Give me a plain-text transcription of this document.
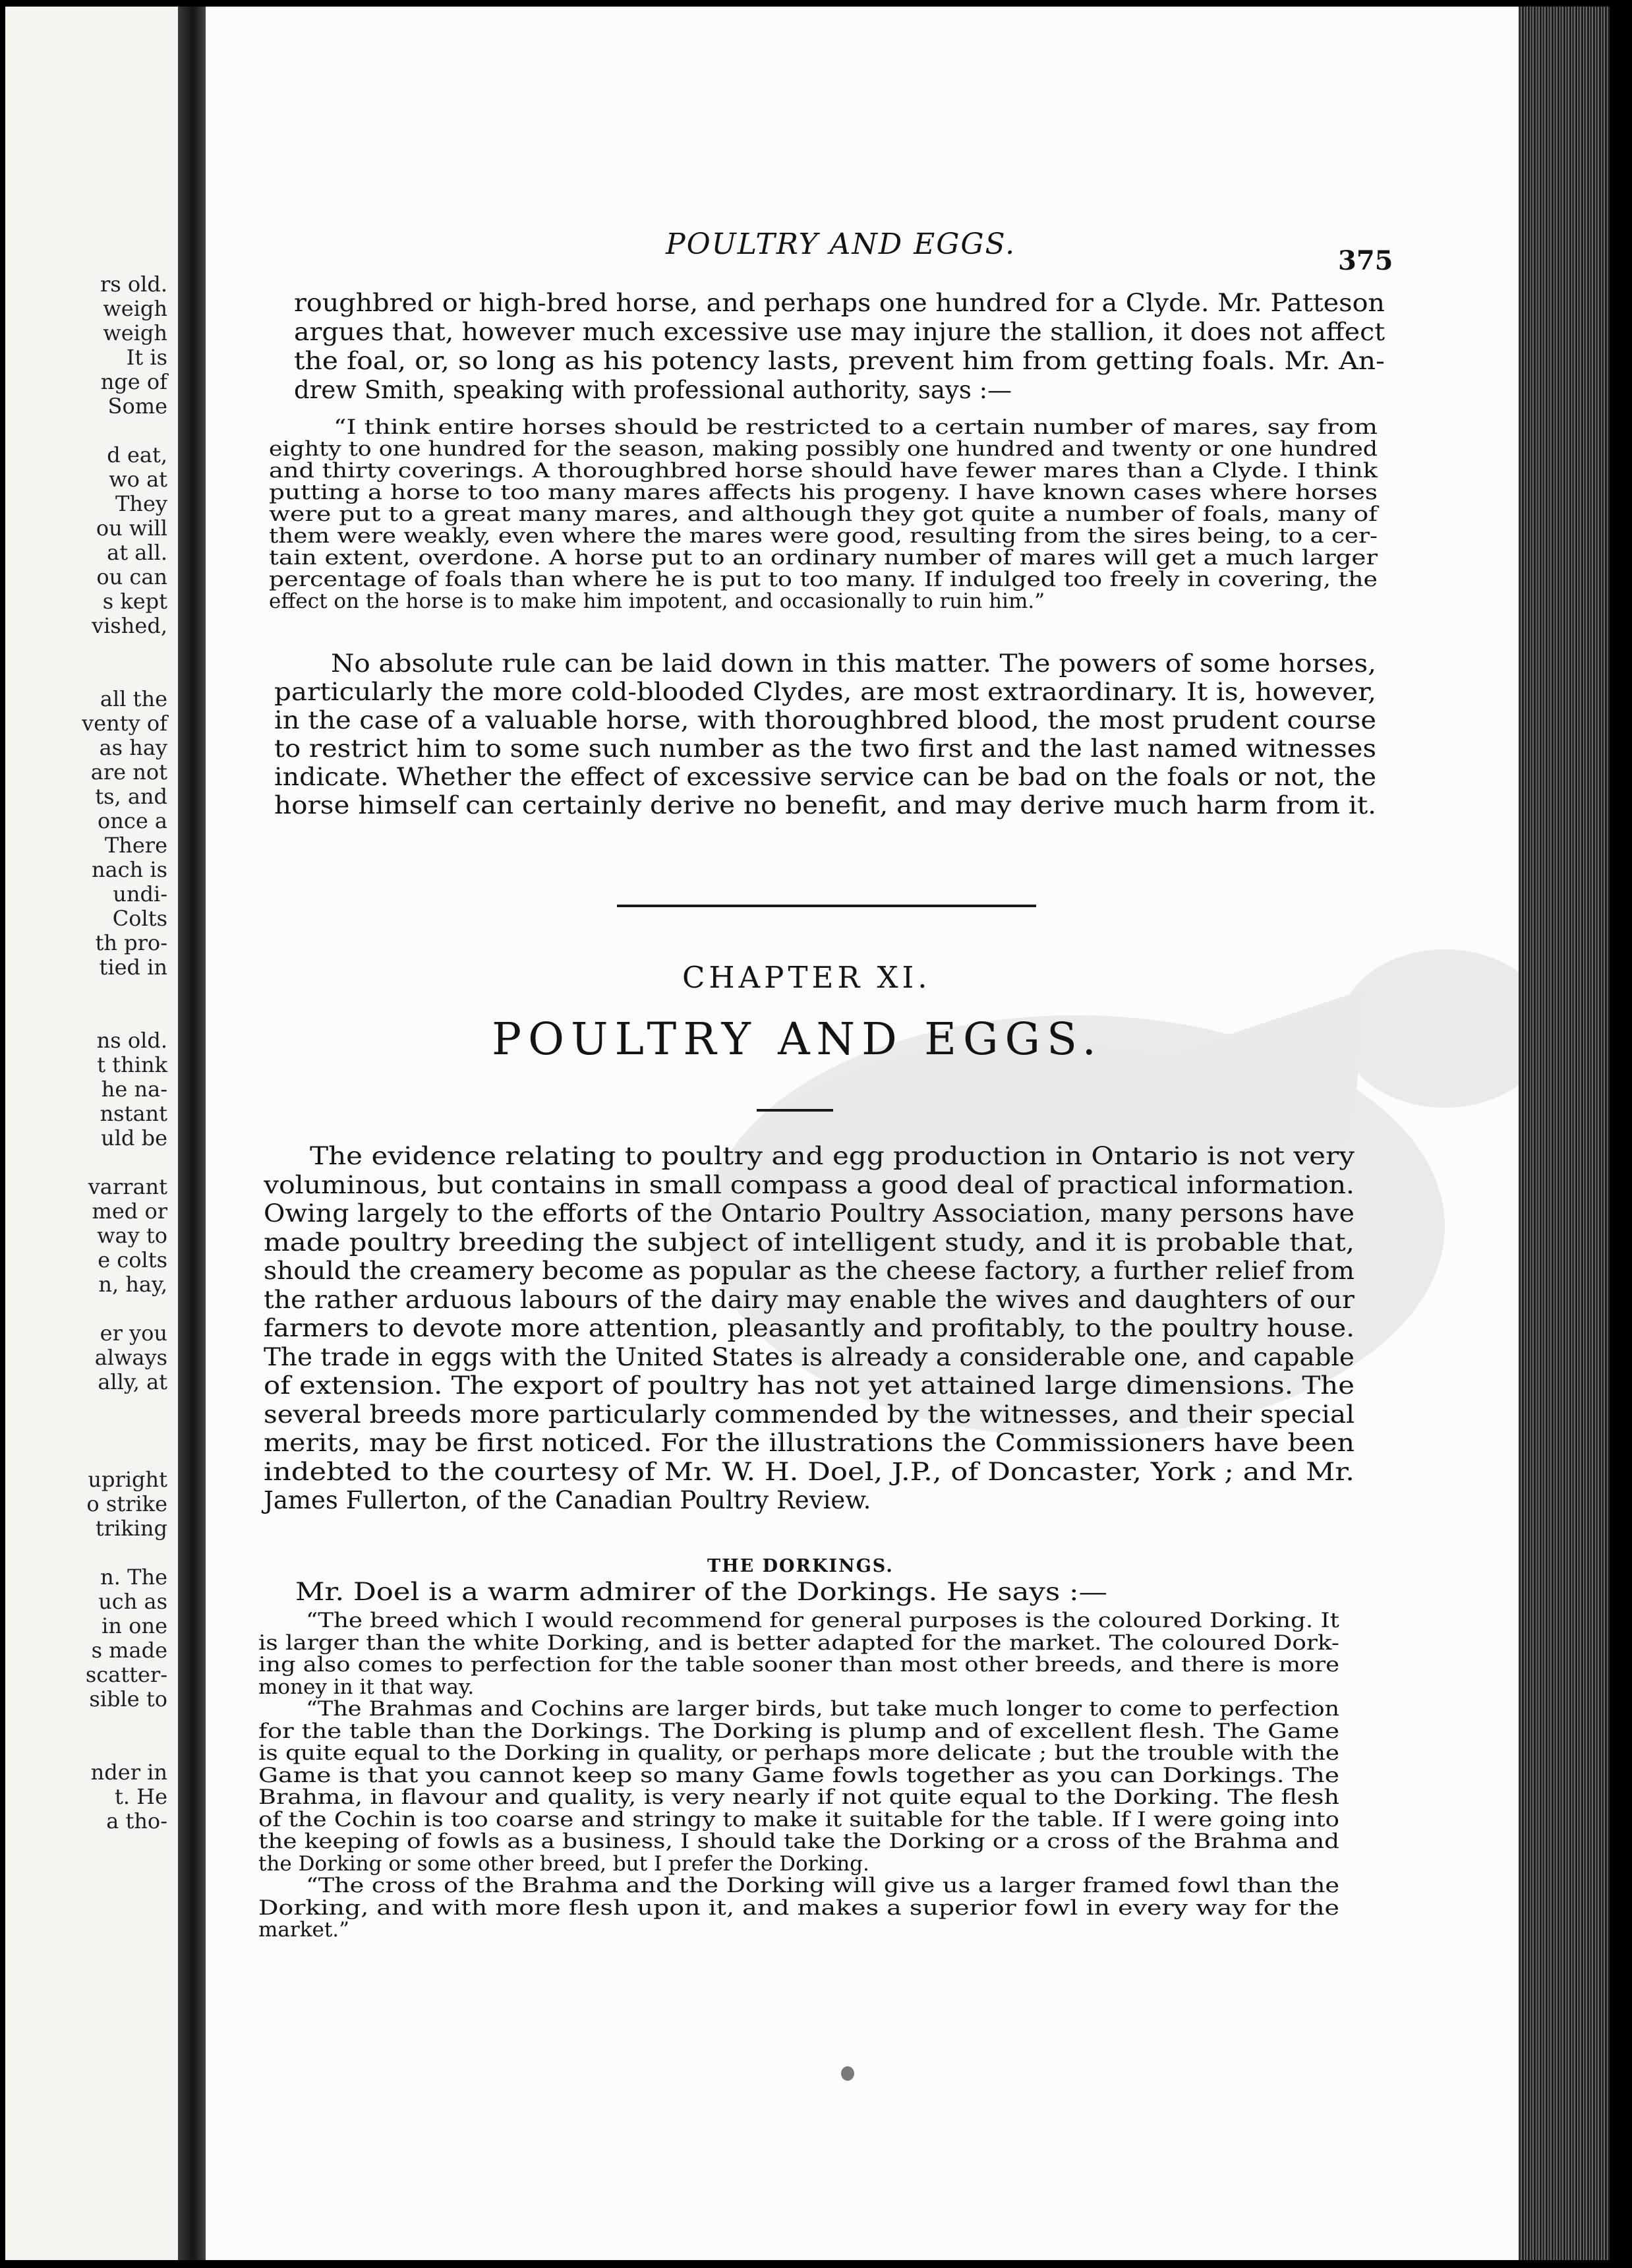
rs old.
weigh
weigh
It is
nge of
Some
d eat,
wo at
They
ou will
at all.
ou can
s kept
vished,
all the
venty of
as hay
are not
ts, and
once a
There
nach is
undi-
Colts
th pro-
tied in
ns old.
t think
he na-
nstant
uld be
varrant
med or
way to
e colts
n, hay,
er you
always
ally, at
upright
o strike
triking
n. The
uch as
in one
s made
scatter-
sible to
nder in
t. He
a tho-
POULTRY AND EGGS.	375
roughbred or high-bred horse, and perhaps one hundred for a Clyde. Mr. Patteson
argues that, however much excessive use may injure the stallion, it does not affect
the foal, or, so long as his potency lasts, prevent him from getting foals. Mr. An-
drew Smith, speaking with professional authority, says :—
“I think entire horses should be restricted to a certain number of mares, say from
eighty to one hundred for the season, making possibly one hundred and twenty or one hundred
and thirty coverings. A thoroughbred horse should have fewer mares than a Clyde. I think
putting a horse to too many mares affects his progeny. I have known cases where horses
were put to a great many mares, and although they got quite a number of foals, many of
them were weakly, even where the mares were good, resulting from the sires being, to a cer-
tain extent, overdone. A horse put to an ordinary number of mares will get a much larger
percentage of foals than where he is put to too many. If indulged too freely in covering, the
effect on the horse is to make him impotent, and occasionally to ruin him.”
No absolute rule can be laid down in this matter. The powers of some horses,
particularly the more cold-blooded Clydes, are most extraordinary. It is, however,
in the case of a valuable horse, with thoroughbred blood, the most prudent course
to restrict him to some such number as the two first and the last named witnesses
indicate. Whether the effect of excessive service can be bad on the foals or not, the
horse himself can certainly derive no benefit, and may derive much harm from it.
The evidence relating to poultry and egg production in Ontario is not very
voluminous, but contains in small compass a good deal of practical information.
Owing largely to the efforts of the Ontario Poultry Association, many persons have
made poultry breeding the subject of intelligent study, and it is probable that,
should the creamery become as popular as the cheese factory, a further relief from
the rather arduous labours of the dairy may enable the wives and daughters of our
farmers to devote more attention, pleasantly and profitably, to the poultry house.
The trade in eggs with the United States is already a considerable one, and capable
of extension. The export of poultry has not yet attained large dimensions. The
several breeds more particularly commended by the witnesses, and their special
merits, may be first noticed. For the illustrations the Commissioners have been
indebted to the courtesy of Mr. W. H. Doel, J.P., of Doncaster, York ; and Mr.
James Fullerton, of the Canadian Poultry Review.
“The breed which I would recommend for general purposes is the coloured Dorking. It
is larger than the white Dorking, and is better adapted for the market. The coloured Dork-
ing also comes to perfection for the table sooner than most other breeds, and there is more
money in it that way.
“The Brahmas and Cochins are larger birds, but take much longer to come to perfection
for the table than the Dorkings. The Dorking is plump and of excellent flesh. The Game
is quite equal to the Dorking in quality, or perhaps more delicate ; but the trouble with the
Game is that you cannot keep so many Game fowls together as you can Dorkings. The
Brahma, in flavour and quality, is very nearly if not quite equal to the Dorking. The flesh
of the Cochin is too coarse and stringy to make it suitable for the table. If I were going into
the keeping of fowls as a business, I should take the Dorking or a cross of the Brahma and
the Dorking or some other breed, but I prefer the Dorking.
“The cross of the Brahma and the Dorking will give us a larger framed fowl than the
Dorking, and with more flesh upon it, and makes a superior fowl in every way for the
market.”
Mr. Doel is a warm admirer of the Dorkings. He says :—
CHAPTER XI.
POULTRY AND EGGS.
THE DORKINGS.
